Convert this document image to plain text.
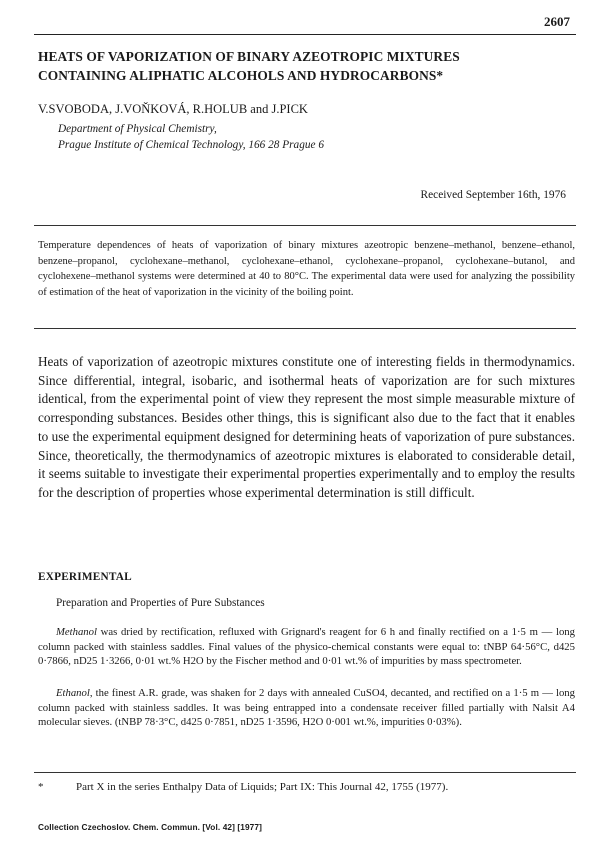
2607
HEATS OF VAPORIZATION OF BINARY AZEOTROPIC MIXTURES
CONTAINING ALIPHATIC ALCOHOLS AND HYDROCARBONS*
V.SVOBODA, J.VOŇKOVÁ, R.HOLUB and J.PICK
Department of Physical Chemistry,
Prague Institute of Chemical Technology, 166 28 Prague 6
Received September 16th, 1976
Temperature dependences of heats of vaporization of binary mixtures azeotropic benzene–methanol, benzene–ethanol, benzene–propanol, cyclohexane–methanol, cyclohexane–ethanol, cyclohexane–propanol, cyclohexane–butanol, and cyclohexene–methanol systems were determined at 40 to 80°C. The experimental data were used for analyzing the possibility of estimation of the heat of vaporization in the vicinity of the boiling point.
Heats of vaporization of azeotropic mixtures constitute one of interesting fields in thermodynamics. Since differential, integral, isobaric, and isothermal heats of vaporization are for such mixtures identical, from the experimental point of view they represent the most simple measurable mixture of corresponding substances. Besides other things, this is significant also due to the fact that it enables to use the experimental equipment designed for determining heats of vaporization of pure substances. Since, theoretically, the thermodynamics of azeotropic mixtures is elaborated to considerable detail, it seems suitable to investigate their experimental properties experimentally and to employ the results for the description of properties whose experimental determination is still difficult.
EXPERIMENTAL
Preparation and Properties of Pure Substances
Methanol was dried by rectification, refluxed with Grignard's reagent for 6 h and finally rectified on a 1·5 m — long column packed with stainless saddles. Final values of the physico-chemical constants were equal to: tNBP 64·56°C, d425 0·7866, nD25 1·3266, 0·01 wt.% H2O by the Fischer method and 0·01 wt.% of impurities by mass spectrometer.
Ethanol, the finest A.R. grade, was shaken for 2 days with annealed CuSO4, decanted, and rectified on a 1·5 m — long column packed with stainless saddles. It was being entrapped into a condensate receiver filled partially with Nalsit A4 molecular sieves. (tNBP 78·3°C, d425 0·7851, nD25 1·3596, H2O 0·001 wt.%, impurities 0·03%).
*	Part X in the series Enthalpy Data of Liquids; Part IX: This Journal 42, 1755 (1977).
Collection Czechoslov. Chem. Commun. [Vol. 42] [1977]
